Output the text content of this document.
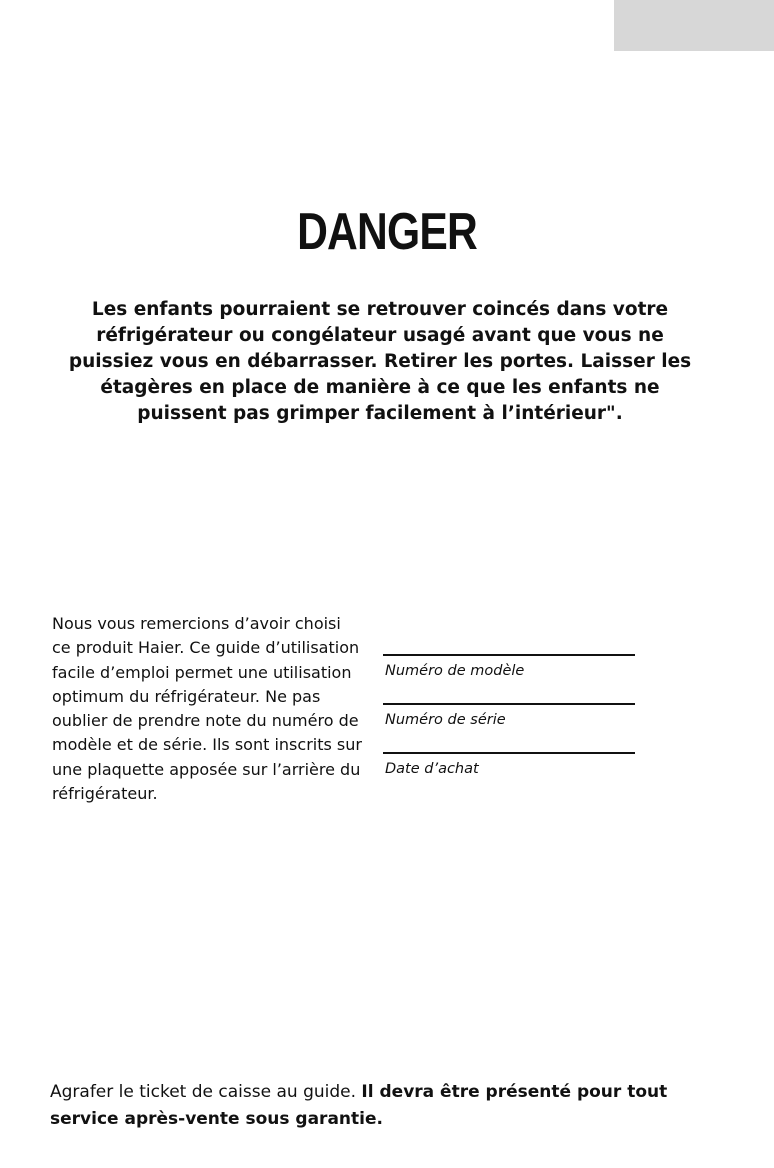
DANGER

Les enfants pourraient se retrouver coincés dans votre réfrigérateur ou congélateur usagé avant que vous ne puissiez vous en débarrasser. Retirer les portes. Laisser les étagères en place de manière à ce que les enfants ne puissent pas grimper facilement à l’intérieur".

Nous vous remercions d’avoir choisi ce produit Haier. Ce guide d’utilisation facile d’emploi permet une utilisation optimum du réfrigérateur. Ne pas oublier de prendre note du numéro de modèle et de série. Ils sont inscrits sur une plaquette apposée sur l’arrière du réfrigérateur.

Numéro de modèle
Numéro de série
Date d’achat

Agrafer le ticket de caisse au guide. Il devra être présenté pour tout service après-vente sous garantie.
